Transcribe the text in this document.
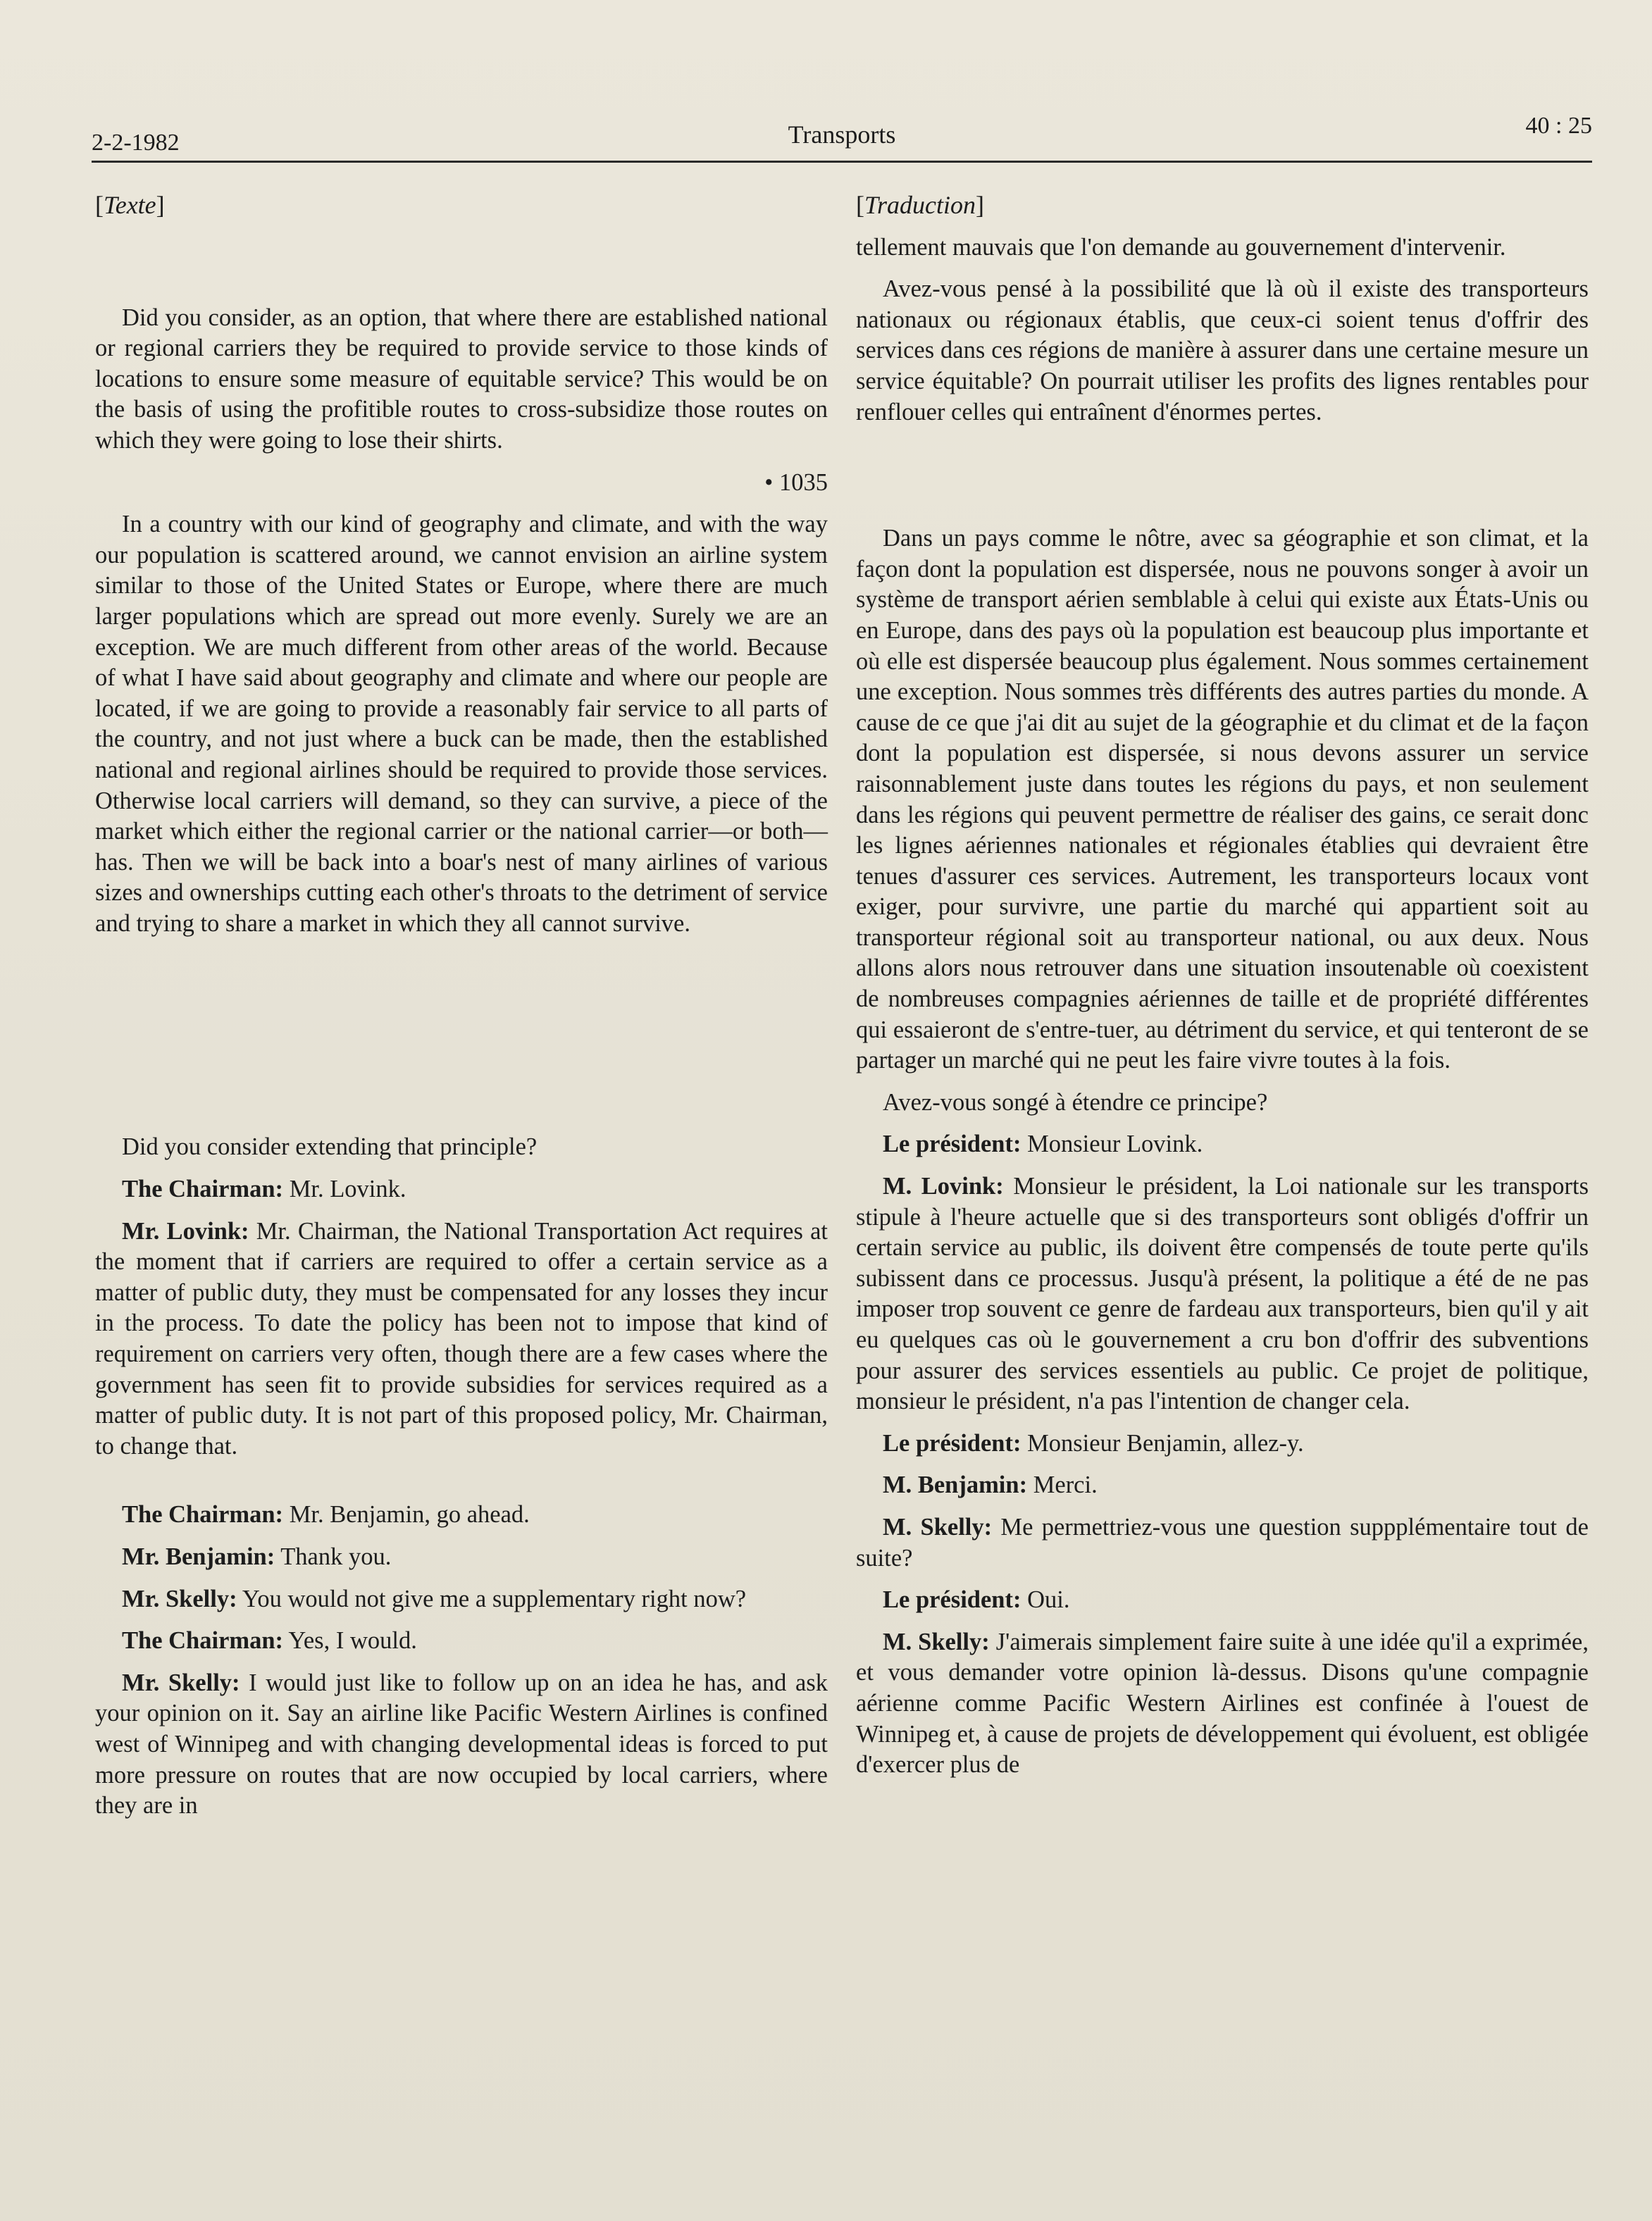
2-2-1982	Transports	40 : 25

[Texte]

Did you consider, as an option, that where there are established national or regional carriers they be required to provide service to those kinds of locations to ensure some measure of equitable service? This would be on the basis of using the profitible routes to cross-subsidize those routes on which they were going to lose their shirts.

• 1035

In a country with our kind of geography and climate, and with the way our population is scattered around, we cannot envision an airline system similar to those of the United States or Europe, where there are much larger populations which are spread out more evenly. Surely we are an exception. We are much different from other areas of the world. Because of what I have said about geography and climate and where our people are located, if we are going to provide a reasonably fair service to all parts of the country, and not just where a buck can be made, then the established national and regional airlines should be required to provide those services. Otherwise local carriers will demand, so they can survive, a piece of the market which either the regional carrier or the national carrier—or both— has. Then we will be back into a boar's nest of many airlines of various sizes and ownerships cutting each other's throats to the detriment of service and trying to share a market in which they all cannot survive.

Did you consider extending that principle?

The Chairman: Mr. Lovink.

Mr. Lovink: Mr. Chairman, the National Transportation Act requires at the moment that if carriers are required to offer a certain service as a matter of public duty, they must be compensated for any losses they incur in the process. To date the policy has been not to impose that kind of requirement on carriers very often, though there are a few cases where the government has seen fit to provide subsidies for services required as a matter of public duty. It is not part of this proposed policy, Mr. Chairman, to change that.

The Chairman: Mr. Benjamin, go ahead.

Mr. Benjamin: Thank you.

Mr. Skelly: You would not give me a supplementary right now?

The Chairman: Yes, I would.

Mr. Skelly: I would just like to follow up on an idea he has, and ask your opinion on it. Say an airline like Pacific Western Airlines is confined west of Winnipeg and with changing developmental ideas is forced to put more pressure on routes that are now occupied by local carriers, where they are in

[Traduction]

tellement mauvais que l'on demande au gouvernement d'intervenir.

Avez-vous pensé à la possibilité que là où il existe des transporteurs nationaux ou régionaux établis, que ceux-ci soient tenus d'offrir des services dans ces régions de manière à assurer dans une certaine mesure un service équitable? On pourrait utiliser les profits des lignes rentables pour renflouer celles qui entraînent d'énormes pertes.

Dans un pays comme le nôtre, avec sa géographie et son climat, et la façon dont la population est dispersée, nous ne pouvons songer à avoir un système de transport aérien semblable à celui qui existe aux États-Unis ou en Europe, dans des pays où la population est beaucoup plus importante et où elle est dispersée beaucoup plus également. Nous sommes certainement une exception. Nous sommes très différents des autres parties du monde. A cause de ce que j'ai dit au sujet de la géographie et du climat et de la façon dont la population est dispersée, si nous devons assurer un service raisonnablement juste dans toutes les régions du pays, et non seulement dans les régions qui peuvent permettre de réaliser des gains, ce serait donc les lignes aériennes nationales et régionales établies qui devraient être tenues d'assurer ces services. Autrement, les transporteurs locaux vont exiger, pour survivre, une partie du marché qui appartient soit au transporteur régional soit au transporteur national, ou aux deux. Nous allons alors nous retrouver dans une situation insoutenable où coexistent de nombreuses compagnies aériennes de taille et de propriété différentes qui essaieront de s'entre-tuer, au détriment du service, et qui tenteront de se partager un marché qui ne peut les faire vivre toutes à la fois.

Avez-vous songé à étendre ce principe?

Le président: Monsieur Lovink.

M. Lovink: Monsieur le président, la Loi nationale sur les transports stipule à l'heure actuelle que si des transporteurs sont obligés d'offrir un certain service au public, ils doivent être compensés de toute perte qu'ils subissent dans ce processus. Jusqu'à présent, la politique a été de ne pas imposer trop souvent ce genre de fardeau aux transporteurs, bien qu'il y ait eu quelques cas où le gouvernement a cru bon d'offrir des subventions pour assurer des services essentiels au public. Ce projet de politique, monsieur le président, n'a pas l'intention de changer cela.

Le président: Monsieur Benjamin, allez-y.

M. Benjamin: Merci.

M. Skelly: Me permettriez-vous une question suppplémentaire tout de suite?

Le président: Oui.

M. Skelly: J'aimerais simplement faire suite à une idée qu'il a exprimée, et vous demander votre opinion là-dessus. Disons qu'une compagnie aérienne comme Pacific Western Airlines est confinée à l'ouest de Winnipeg et, à cause de projets de développement qui évoluent, est obligée d'exercer plus de
